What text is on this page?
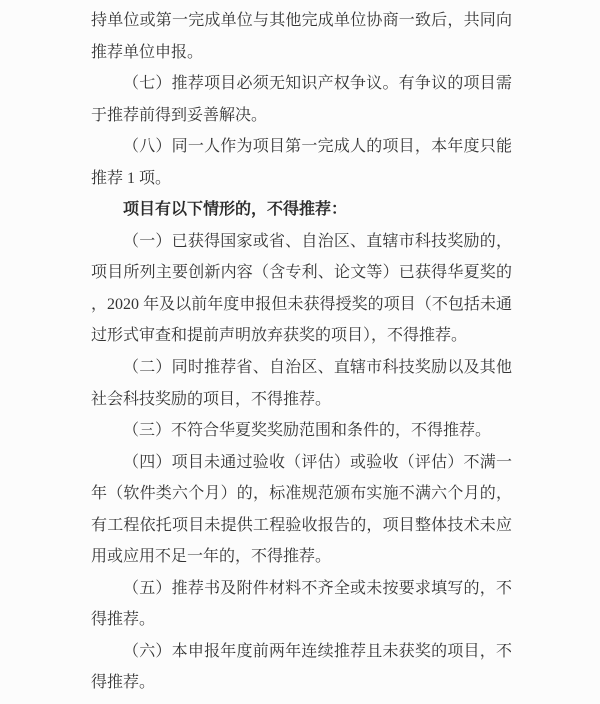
持单位或第一完成单位与其他完成单位协商一致后，共同向推荐单位申报。

（七）推荐项目必须无知识产权争议。有争议的项目需于推荐前得到妥善解决。

（八）同一人作为项目第一完成人的项目，本年度只能推荐 1 项。

项目有以下情形的，不得推荐：

（一）已获得国家或省、自治区、直辖市科技奖励的，项目所列主要创新内容（含专利、论文等）已获得华夏奖的，2020 年及以前年度申报但未获得授奖的项目（不包括未通过形式审查和提前声明放弃获奖的项目），不得推荐。

（二）同时推荐省、自治区、直辖市科技奖励以及其他社会科技奖励的项目，不得推荐。

（三）不符合华夏奖奖励范围和条件的，不得推荐。

（四）项目未通过验收（评估）或验收（评估）不满一年（软件类六个月）的，标准规范颁布实施不满六个月的，有工程依托项目未提供工程验收报告的，项目整体技术未应用或应用不足一年的，不得推荐。

（五）推荐书及附件材料不齐全或未按要求填写的，不得推荐。

（六）本申报年度前两年连续推荐且未获奖的项目，不得推荐。
